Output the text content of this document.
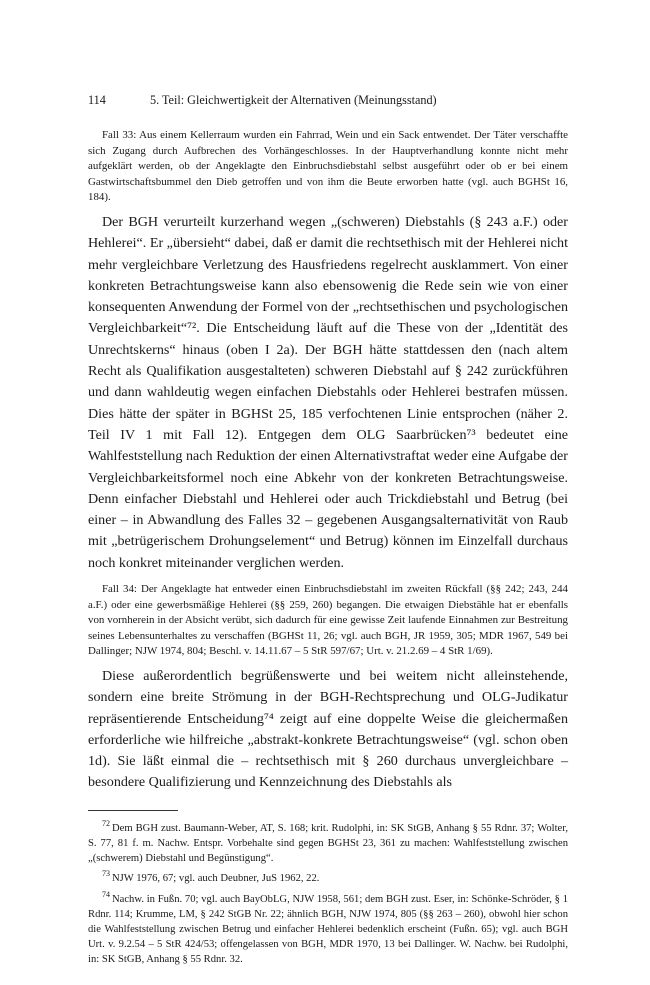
114	5. Teil: Gleichwertigkeit der Alternativen (Meinungsstand)

Fall 33: Aus einem Kellerraum wurden ein Fahrrad, Wein und ein Sack entwendet. Der Täter verschaffte sich Zugang durch Aufbrechen des Vorhängeschlosses. In der Hauptverhandlung konnte nicht mehr aufgeklärt werden, ob der Angeklagte den Einbruchsdiebstahl selbst ausgeführt oder ob er bei einem Gastwirtschaftsbummel den Dieb getroffen und von ihm die Beute erworben hatte (vgl. auch BGHSt 16, 184).

Der BGH verurteilt kurzerhand wegen „(schweren) Diebstahls (§ 243 a.F.) oder Hehlerei“. Er „übersieht“ dabei, daß er damit die rechtsethisch mit der Hehlerei nicht mehr vergleichbare Verletzung des Hausfriedens regelrecht ausklammert. Von einer konkreten Betrachtungsweise kann also ebensowenig die Rede sein wie von einer konsequenten Anwendung der Formel von der „rechtsethischen und psychologischen Vergleichbarkeit“⁷². Die Entscheidung läuft auf die These von der „Identität des Unrechtskerns“ hinaus (oben I 2a). Der BGH hätte stattdessen den (nach altem Recht als Qualifikation ausgestalteten) schweren Diebstahl auf § 242 zurückführen und dann wahldeutig wegen einfachen Diebstahls oder Hehlerei bestrafen müssen. Dies hätte der später in BGHSt 25, 185 verfochtenen Linie entsprochen (näher 2. Teil IV 1 mit Fall 12). Entgegen dem OLG Saarbrücken⁷³ bedeutet eine Wahlfeststellung nach Reduktion der einen Alternativstraftat weder eine Aufgabe der Vergleichbarkeitsformel noch eine Abkehr von der konkreten Betrachtungsweise. Denn einfacher Diebstahl und Hehlerei oder auch Trickdiebstahl und Betrug (bei einer – in Abwandlung des Falles 32 – gegebenen Ausgangsalternativität von Raub mit „betrügerischem Drohungselement“ und Betrug) können im Einzelfall durchaus noch konkret miteinander verglichen werden.

Fall 34: Der Angeklagte hat entweder einen Einbruchsdiebstahl im zweiten Rückfall (§§ 242; 243, 244 a.F.) oder eine gewerbsmäßige Hehlerei (§§ 259, 260) begangen. Die etwaigen Diebstähle hat er ebenfalls von vornherein in der Absicht verübt, sich dadurch für eine gewisse Zeit laufende Einnahmen zur Bestreitung seines Lebensunterhaltes zu verschaffen (BGHSt 11, 26; vgl. auch BGH, JR 1959, 305; MDR 1967, 549 bei Dallinger; NJW 1974, 804; Beschl. v. 14.11.67 – 5 StR 597/67; Urt. v. 21.2.69 – 4 StR 1/69).

Diese außerordentlich begrüßenswerte und bei weitem nicht alleinstehende, sondern eine breite Strömung in der BGH-Rechtsprechung und OLG-Judikatur repräsentierende Entscheidung⁷⁴ zeigt auf eine doppelte Weise die gleichermaßen erforderliche wie hilfreiche „abstrakt-konkrete Betrachtungsweise“ (vgl. schon oben 1d). Sie läßt einmal die – rechtsethisch mit § 260 durchaus unvergleichbare – besondere Qualifizierung und Kennzeichnung des Diebstahls als

$^{72}$ Dem BGH zust. Baumann-Weber, AT, S. 168; krit. Rudolphi, in: SK StGB, Anhang § 55 Rdnr. 37; Wolter, S. 77, 81 f. m. Nachw. Entspr. Vorbehalte sind gegen BGHSt 23, 361 zu machen: Wahlfeststellung zwischen „(schwerem) Diebstahl und Begünstigung“.

$^{73}$ NJW 1976, 67; vgl. auch Deubner, JuS 1962, 22.

$^{74}$ Nachw. in Fußn. 70; vgl. auch BayObLG, NJW 1958, 561; dem BGH zust. Eser, in: Schönke-Schröder, § 1 Rdnr. 114; Krumme, LM, § 242 StGB Nr. 22; ähnlich BGH, NJW 1974, 805 (§§ 263 – 260), obwohl hier schon die Wahlfeststellung zwischen Betrug und einfacher Hehlerei bedenklich erscheint (Fußn. 65); vgl. auch BGH Urt. v. 9.2.54 – 5 StR 424/53; offengelassen von BGH, MDR 1970, 13 bei Dallinger. W. Nachw. bei Rudolphi, in: SK StGB, Anhang § 55 Rdnr. 32.
